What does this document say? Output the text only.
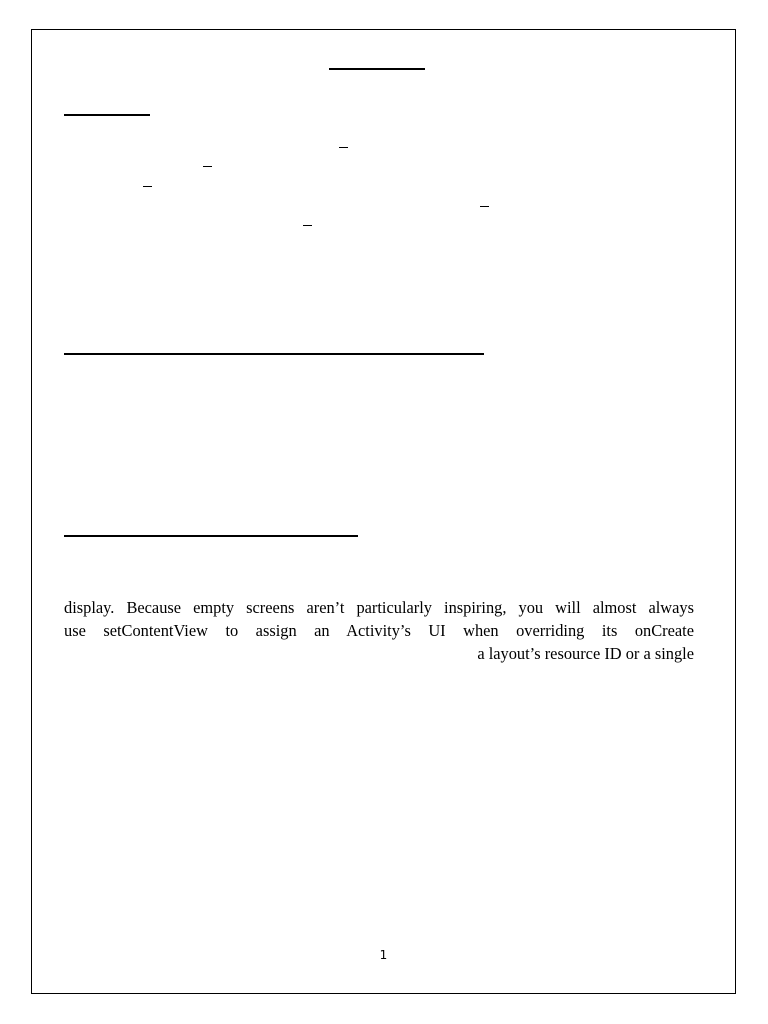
display. Because empty screens aren’t particularly inspiring, you will almost always
use setContentView to assign an Activity’s UI when overriding its onCreate
a layout’s resource ID or a single
1
